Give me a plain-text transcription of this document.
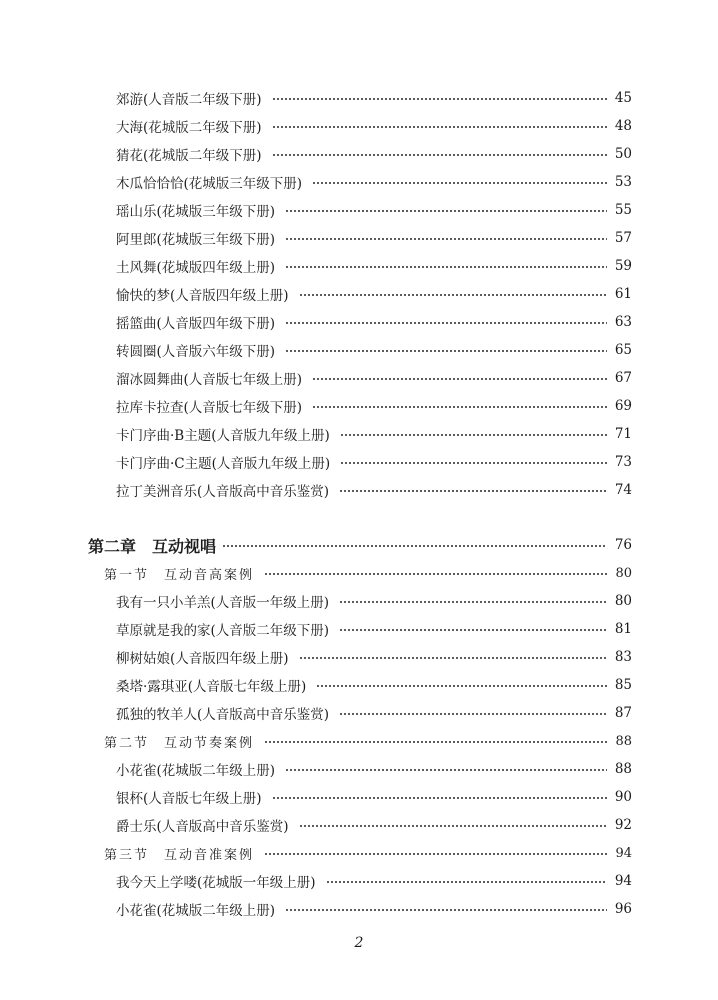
郊游(人音版二年级下册)	45
大海(花城版二年级下册)	48
猜花(花城版二年级下册)	50
木瓜恰恰恰(花城版三年级下册)	53
瑶山乐(花城版三年级下册)	55
阿里郎(花城版三年级下册)	57
土风舞(花城版四年级上册)	59
愉快的梦(人音版四年级上册)	61
摇篮曲(人音版四年级下册)	63
转圆圈(人音版六年级下册)	65
溜冰圆舞曲(人音版七年级上册)	67
拉库卡拉查(人音版七年级下册)	69
卡门序曲·B主题(人音版九年级上册)	71
卡门序曲·C主题(人音版九年级上册)	73
拉丁美洲音乐(人音版高中音乐鉴赏)	74
第二章　互动视唱	76
第一节　互动音高案例	80
我有一只小羊羔(人音版一年级上册)	80
草原就是我的家(人音版二年级下册)	81
柳树姑娘(人音版四年级上册)	83
桑塔·露琪亚(人音版七年级上册)	85
孤独的牧羊人(人音版高中音乐鉴赏)	87
第二节　互动节奏案例	88
小花雀(花城版二年级上册)	88
银杯(人音版七年级上册)	90
爵士乐(人音版高中音乐鉴赏)	92
第三节　互动音准案例	94
我今天上学喽(花城版一年级上册)	94
小花雀(花城版二年级上册)	96
2
